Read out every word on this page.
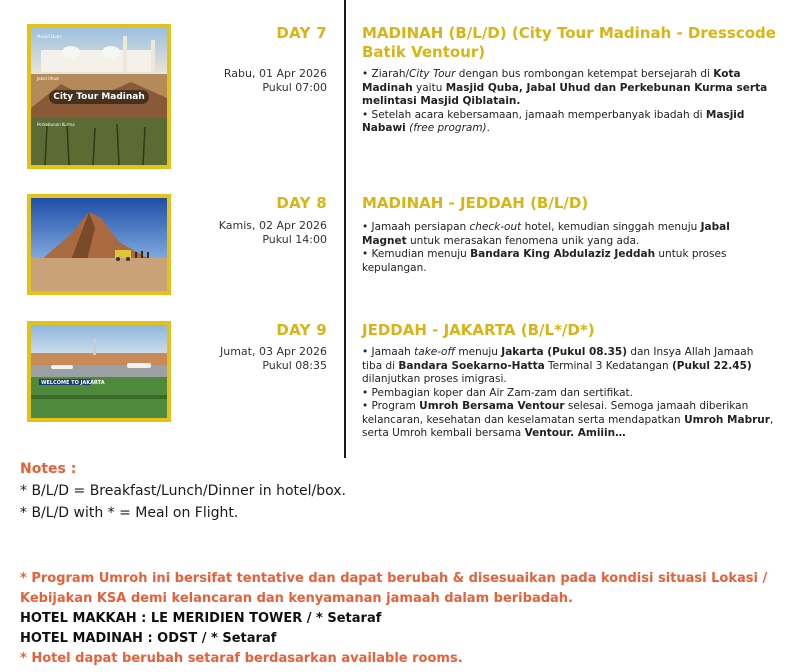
City Tour Madinah
Masjid Quba
Jabal Uhud
Perkebunan Kurma
DAY 7
Rabu, 01 Apr 2026
Pukul 07:00
MADINAH (B/L/D) (City Tour Madinah - Dresscode Batik Ventour)

• Ziarah/City Tour dengan bus rombongan ketempat bersejarah di Kota Madinah yaitu Masjid Quba, Jabal Uhud dan Perkebunan Kurma serta melintasi Masjid Qiblatain.

• Setelah acara kebersamaan, jamaah memperbanyak ibadah di Masjid Nabawi (free program).

DAY 8
Kamis, 02 Apr 2026
Pukul 14:00
MADINAH - JEDDAH (B/L/D)

• Jamaah persiapan check-out hotel, kemudian singgah menuju Jabal Magnet untuk merasakan fenomena unik yang ada.

• Kemudian menuju Bandara King Abdulaziz Jeddah untuk proses kepulangan.

WELCOME TO JAKARTA
DAY 9
Jumat, 03 Apr 2026
Pukul 08:35
JEDDAH - JAKARTA (B/L*/D*)

• Jamaah take-off menuju Jakarta (Pukul 08.35) dan Insya Allah Jamaah tiba di Bandara Soekarno-Hatta Terminal 3 Kedatangan (Pukul 22.45) dilanjutkan proses imigrasi.

• Pembagian koper dan Air Zam-zam dan sertifikat.

• Program Umroh Bersama Ventour selesai. Semoga jamaah diberikan kelancaran, kesehatan dan keselamatan serta mendapatkan Umroh Mabrur, serta Umroh kembali bersama Ventour. Amiiin…

Notes :
* B/L/D = Breakfast/Lunch/Dinner in hotel/box.
* B/L/D with * = Meal on Flight.
* Program Umroh ini bersifat tentative dan dapat berubah & disesuaikan pada kondisi situasi Lokasi / Kebijakan KSA demi kelancaran dan kenyamanan jamaah dalam beribadah.
HOTEL MAKKAH : LE MERIDIEN TOWER / * Setaraf
HOTEL MADINAH : ODST / * Setaraf
* Hotel dapat berubah setaraf berdasarkan available rooms.
